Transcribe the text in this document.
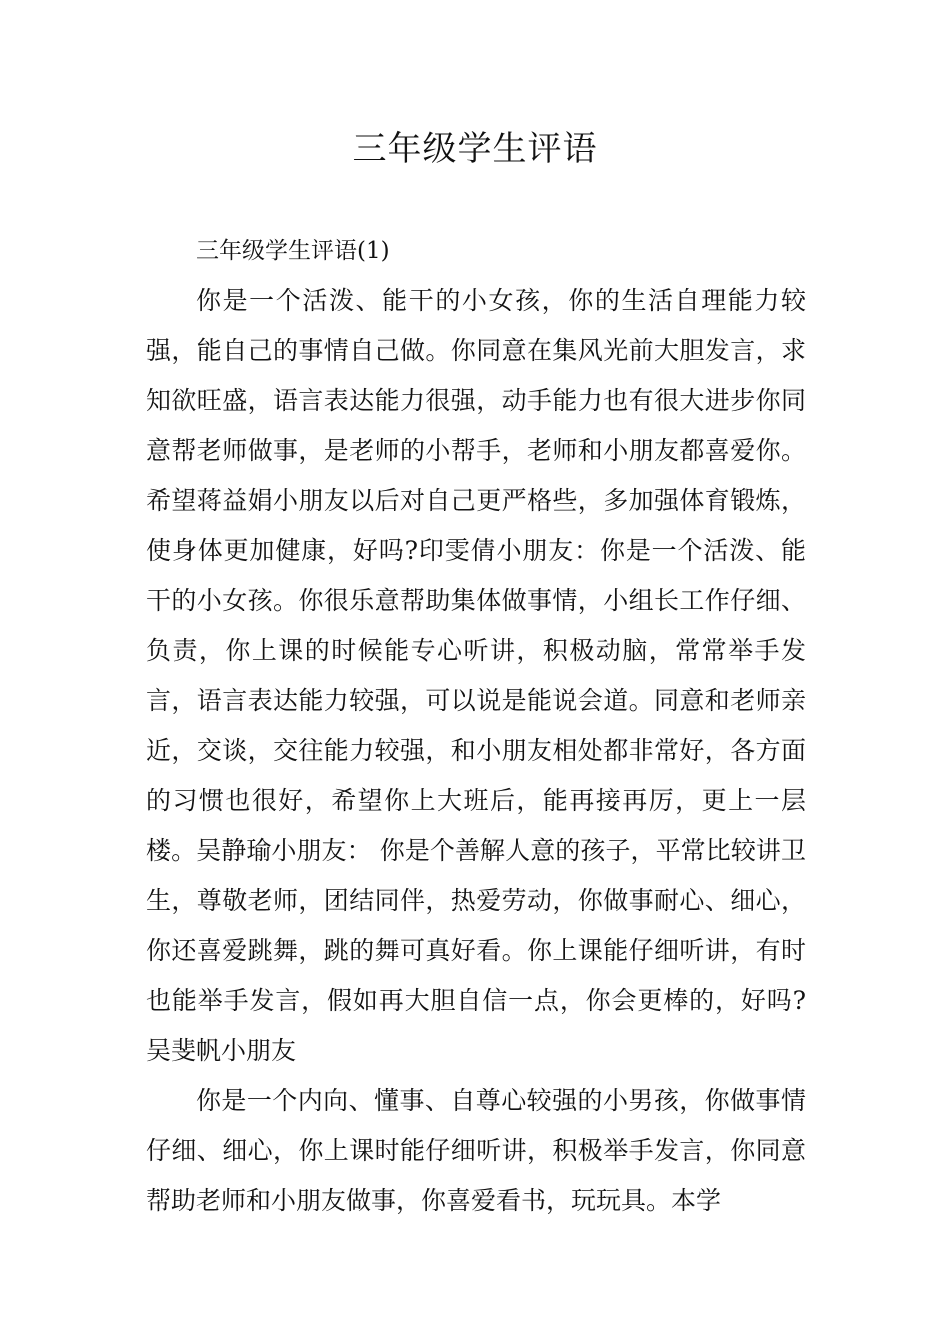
三年级学生评语

三年级学生评语(1)

你是一个活泼、能干的小女孩，你的生活自理能力较强，能自己的事情自己做。你同意在集风光前大胆发言，求知欲旺盛，语言表达能力很强，动手能力也有很大进步你同意帮老师做事，是老师的小帮手，老师和小朋友都喜爱你。希望蒋益娟小朋友以后对自己更严格些，多加强体育锻炼，使身体更加健康，好吗?印雯倩小朋友：你是一个活泼、能干的小女孩。你很乐意帮助集体做事情，小组长工作仔细、负责，你上课的时候能专心听讲，积极动脑，常常举手发言，语言表达能力较强，可以说是能说会道。同意和老师亲近，交谈，交往能力较强，和小朋友相处都非常好，各方面的习惯也很好，希望你上大班后，能再接再厉，更上一层楼。吴静瑜小朋友： 你是个善解人意的孩子，平常比较讲卫生，尊敬老师，团结同伴，热爱劳动，你做事耐心、细心，你还喜爱跳舞，跳的舞可真好看。你上课能仔细听讲，有时也能举手发言，假如再大胆自信一点，你会更棒的，好吗?吴斐帆小朋友

你是一个内向、懂事、自尊心较强的小男孩，你做事情仔细、细心，你上课时能仔细听讲，积极举手发言，你同意帮助老师和小朋友做事，你喜爱看书，玩玩具。本学
